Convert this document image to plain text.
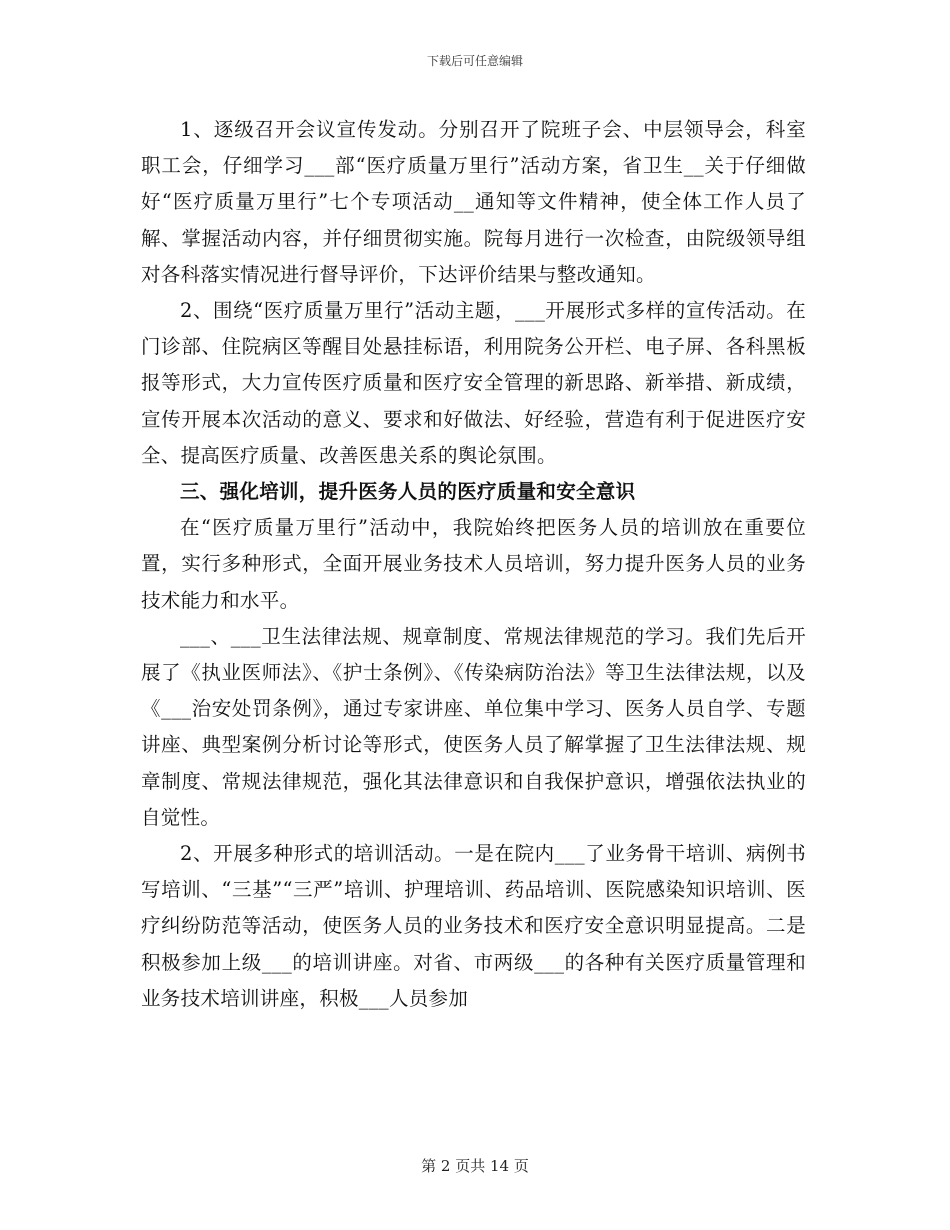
下载后可任意编辑

1、逐级召开会议宣传发动。分别召开了院班子会、中层领导会，科室职工会，仔细学习___部“医疗质量万里行”活动方案，省卫生__关于仔细做好“医疗质量万里行”七个专项活动__通知等文件精神，使全体工作人员了解、掌握活动内容，并仔细贯彻实施。院每月进行一次检查，由院级领导组对各科落实情况进行督导评价，下达评价结果与整改通知。

2、围绕“医疗质量万里行”活动主题，___开展形式多样的宣传活动。在门诊部、住院病区等醒目处悬挂标语，利用院务公开栏、电子屏、各科黑板报等形式，大力宣传医疗质量和医疗安全管理的新思路、新举措、新成绩，宣传开展本次活动的意义、要求和好做法、好经验，营造有利于促进医疗安全、提高医疗质量、改善医患关系的舆论氛围。

三、强化培训，提升医务人员的医疗质量和安全意识

在“医疗质量万里行”活动中，我院始终把医务人员的培训放在重要位置，实行多种形式，全面开展业务技术人员培训，努力提升医务人员的业务技术能力和水平。

___、___卫生法律法规、规章制度、常规法律规范的学习。我们先后开展了《执业医师法》、《护士条例》、《传染病防治法》等卫生法律法规，以及《___治安处罚条例》，通过专家讲座、单位集中学习、医务人员自学、专题讲座、典型案例分析讨论等形式，使医务人员了解掌握了卫生法律法规、规章制度、常规法律规范，强化其法律意识和自我保护意识，增强依法执业的自觉性。

2、开展多种形式的培训活动。一是在院内___了业务骨干培训、病例书写培训、“三基”“三严”培训、护理培训、药品培训、医院感染知识培训、医疗纠纷防范等活动，使医务人员的业务技术和医疗安全意识明显提高。二是积极参加上级___的培训讲座。对省、市两级___的各种有关医疗质量管理和业务技术培训讲座，积极___人员参加

第 2 页共 14 页
